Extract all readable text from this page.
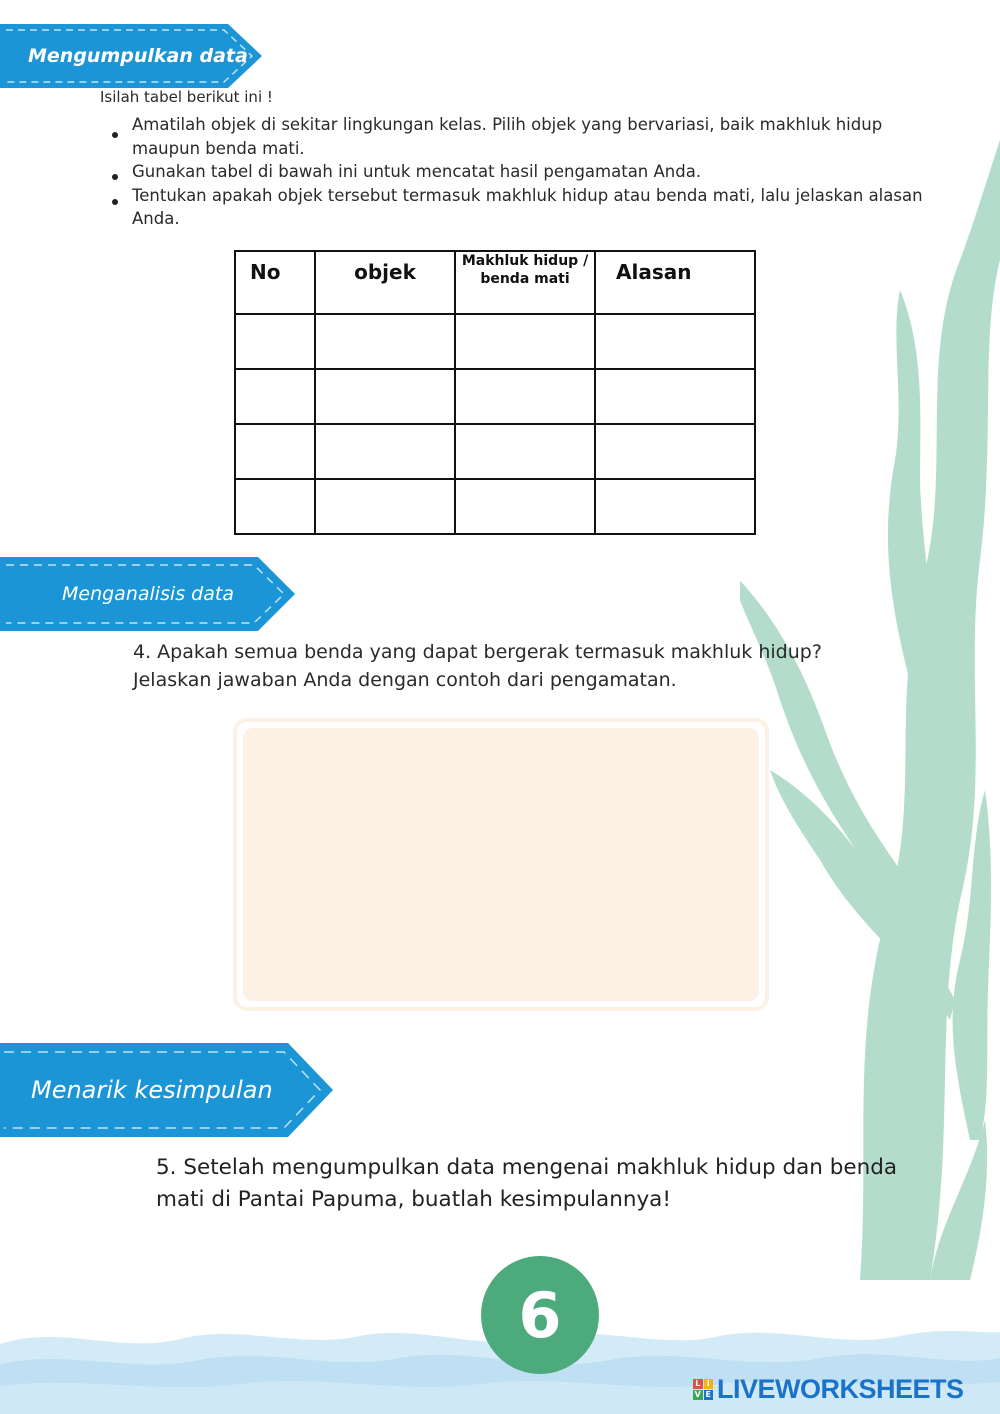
Mengumpulkan data
Isilah tabel berikut ini !
Amatilah objek di sekitar lingkungan kelas. Pilih objek yang bervariasi, baik makhluk hidup maupun benda mati.
Gunakan tabel di bawah ini untuk mencatat hasil pengamatan Anda.
Tentukan apakah objek tersebut termasuk makhluk hidup atau benda mati, lalu jelaskan alasan Anda.
No	objek	Makhluk hidup / benda mati	Alasan

Menganalisis data
4. Apakah semua benda yang dapat bergerak termasuk makhluk hidup? Jelaskan jawaban Anda dengan contoh dari pengamatan.
Menarik kesimpulan
5. Setelah mengumpulkan data mengenai makhluk hidup dan benda mati di Pantai Papuma, buatlah kesimpulannya!
6
L I
V E LIVEWORKSHEETS
